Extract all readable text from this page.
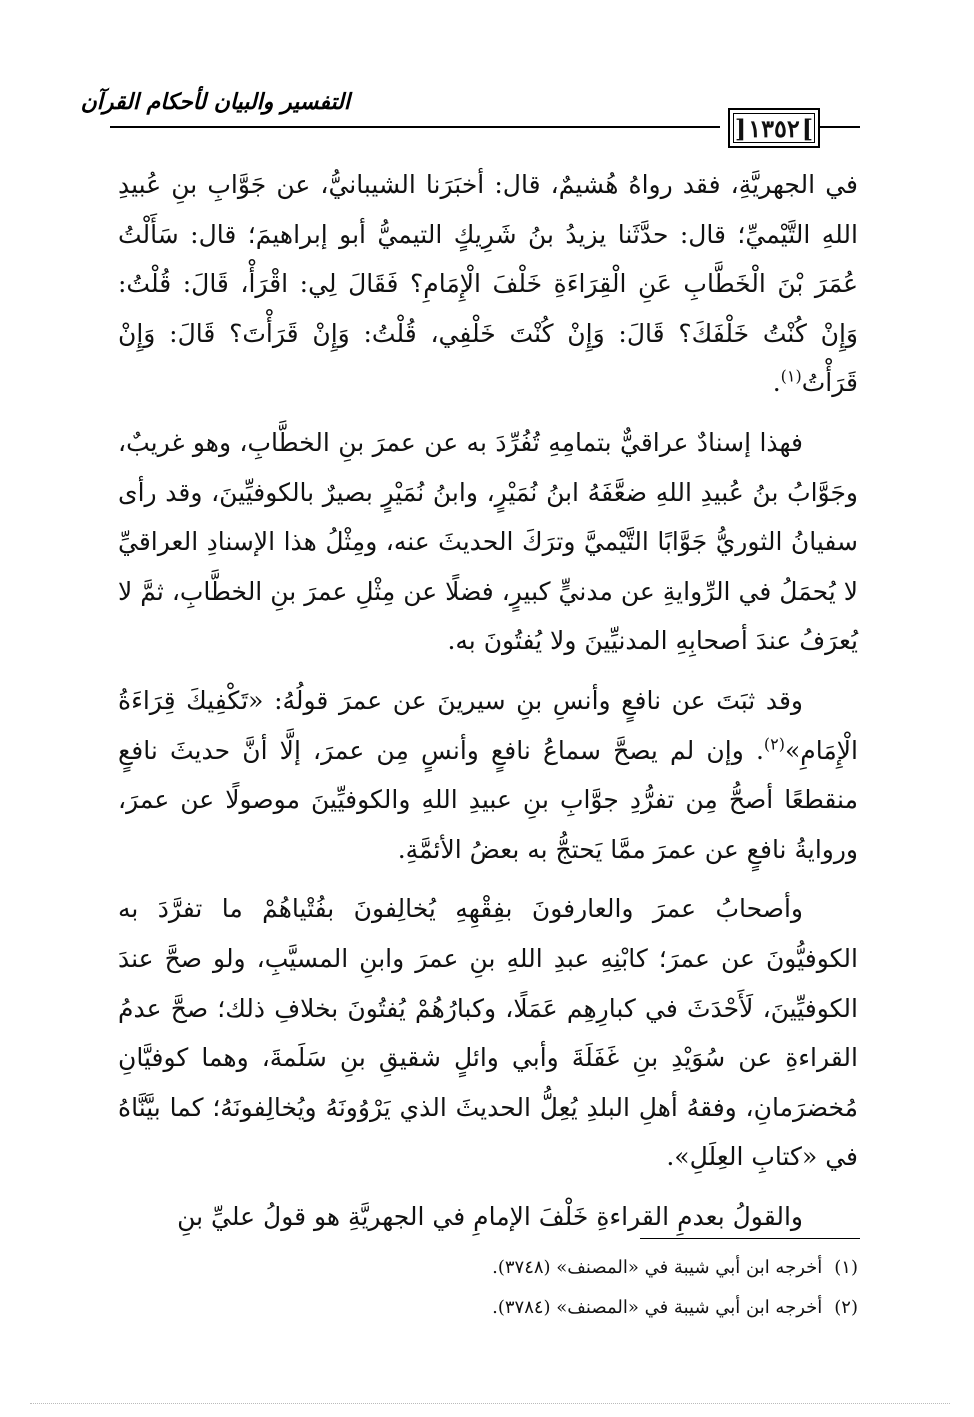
التفسير والبيان لأحكام القرآن
] ١٣٥٢ [

في الجهريَّةِ، فقد رواهُ هُشيمٌ، قال: أخبَرَنا الشيبانيُّ، عن جَوَّابِ بنِ عُبيدِ اللهِ التَّيْميِّ؛ قال: حدَّثَنا يزيدُ بنُ شَرِيكٍ التيميُّ أبو إبراهيمَ؛ قال: سَأَلْتُ عُمَرَ بْنَ الْخَطَّابِ عَنِ الْقِرَاءَةِ خَلْفَ الْإِمَامِ؟ فَقَالَ لِي: اقْرَأْ، قَالَ: قُلْتُ: وَإِنْ كُنْتُ خَلْفَكَ؟ قَالَ: وَإِنْ كُنْتَ خَلْفِي، قُلْتُ: وَإِنْ قَرَأْتَ؟ قَالَ: وَإِنْ قَرَأْتُ$^{(١)}$.

فهذا إسنادٌ عراقيٌّ بتمامِهِ تُفُرِّدَ به عن عمرَ بنِ الخطَّابِ، وهو غريبٌ، وجَوَّابُ بنُ عُبيدِ اللهِ ضعَّفَهُ ابنُ نُمَيْرٍ، وابنُ نُمَيْرٍ بصيرٌ بالكوفيِّينَ، وقد رأى سفيانُ الثوريُّ جَوَّابًا التَّيْميَّ وترَكَ الحديثَ عنه، ومِثْلُ هذا الإسنادِ العراقيِّ لا يُحمَلُ في الرِّوايةِ عن مدنيٍّ كبيرٍ، فضلًا عن مِثْلِ عمرَ بنِ الخطَّابِ، ثمَّ لا يُعرَفُ عندَ أصحابِهِ المدنيِّينَ ولا يُفتُونَ به.

وقد ثبَتَ عن نافعٍ وأنسِ بنِ سيرينَ عن عمرَ قولُهُ: «تَكْفِيكَ قِرَاءَةُ الْإِمَامِ»$^{(٢)}$. وإن لم يصحَّ سماعُ نافعٍ وأنسٍ مِن عمرَ، إلَّا أنَّ حديثَ نافعٍ منقطعًا أصحُّ مِن تفرُّدِ جوَّابِ بنِ عبيدِ اللهِ والكوفيِّينَ موصولًا عن عمرَ، وروايةُ نافعٍ عن عمرَ ممَّا يَحتجُّ به بعضُ الأئمَّةِ.

وأصحابُ عمرَ والعارفونَ بفِقْهِهِ يُخالِفونَ بفُتْياهُمْ ما تفرَّدَ به الكوفيُّونَ عن عمرَ؛ كابْنِهِ عبدِ اللهِ بنِ عمرَ وابنِ المسيَّبِ، ولو صحَّ عندَ الكوفيِّينَ، لَأَحْدَثَ في كبارِهِم عَمَلًا، وكبارُهُمْ يُفتُونَ بخلافِ ذلك؛ صحَّ عدمُ القراءةِ عن سُوَيْدِ بنِ غَفَلَةَ وأبي وائلٍ شقيقِ بنِ سَلَمةَ، وهما كوفيَّانِ مُخضرَمانِ، وفقهُ أهلِ البلدِ يُعِلُّ الحديثَ الذي يَرْوُونَهُ ويُخالِفونَهُ؛ كما بيَّنَّاهُ في «كتابِ العِلَلِ».

والقولُ بعدمِ القراءةِ خَلْفَ الإمامِ في الجهريَّةِ هو قولُ عليِّ بنِ

(١)أخرجه ابن أبي شيبة في «المصنف» (٣٧٤٨).

(٢)أخرجه ابن أبي شيبة في «المصنف» (٣٧٨٤).
